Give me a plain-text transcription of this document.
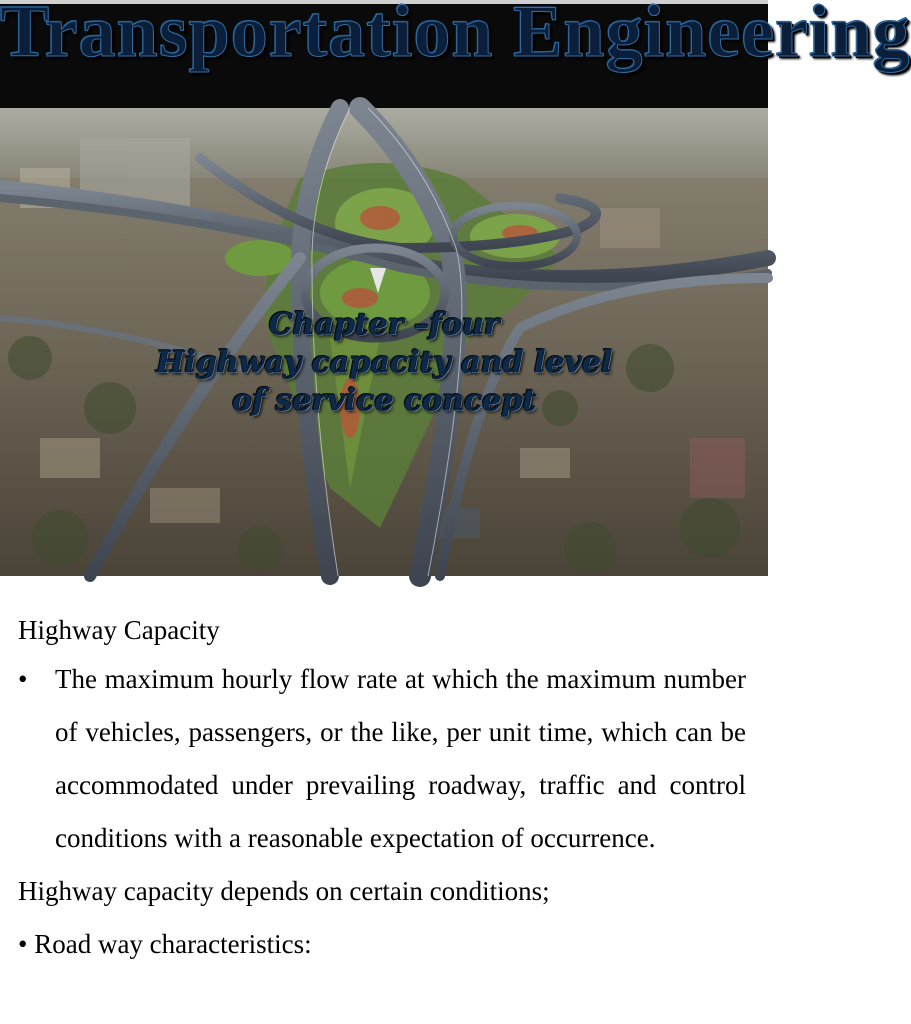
Transportation Engineering
Chapter –four
Highway capacity and level
of service concept
Highway Capacity
• The maximum hourly flow rate at which the maximum number of vehicles, passengers, or the like, per unit time, which can be accommodated under prevailing roadway, traffic and control conditions with a reasonable expectation of occurrence.
Highway capacity depends on certain conditions;
• Road way characteristics:
